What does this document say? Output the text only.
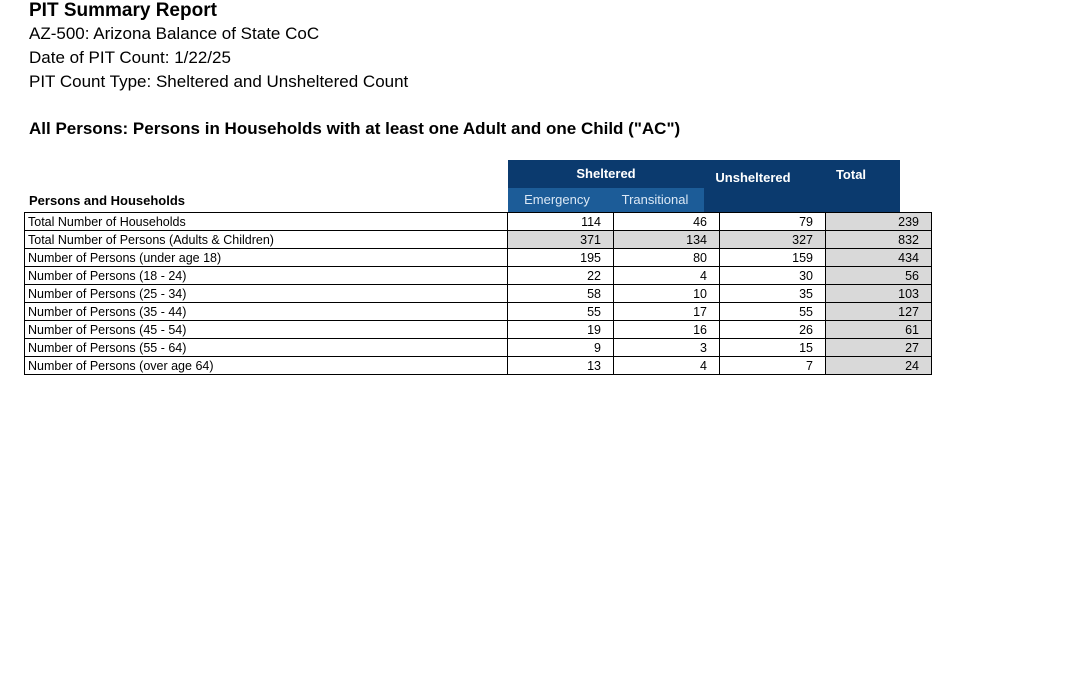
PIT Summary Report
AZ-500: Arizona Balance of State CoC
Date of PIT Count: 1/22/25
PIT Count Type: Sheltered and Unsheltered Count
All Persons: Persons in Households with at least one Adult and one Child ("AC")
Persons and Households
Sheltered
Emergency	Transitional
Unsheltered	Total
Total Number of Households	114	46	79	239
Total Number of Persons (Adults & Children)	371	134	327	832
Number of Persons (under age 18)	195	80	159	434
Number of Persons (18 - 24)	22	4	30	56
Number of Persons (25 - 34)	58	10	35	103
Number of Persons (35 - 44)	55	17	55	127
Number of Persons (45 - 54)	19	16	26	61
Number of Persons (55 - 64)	9	3	15	27
Number of Persons (over age 64)	13	4	7	24
